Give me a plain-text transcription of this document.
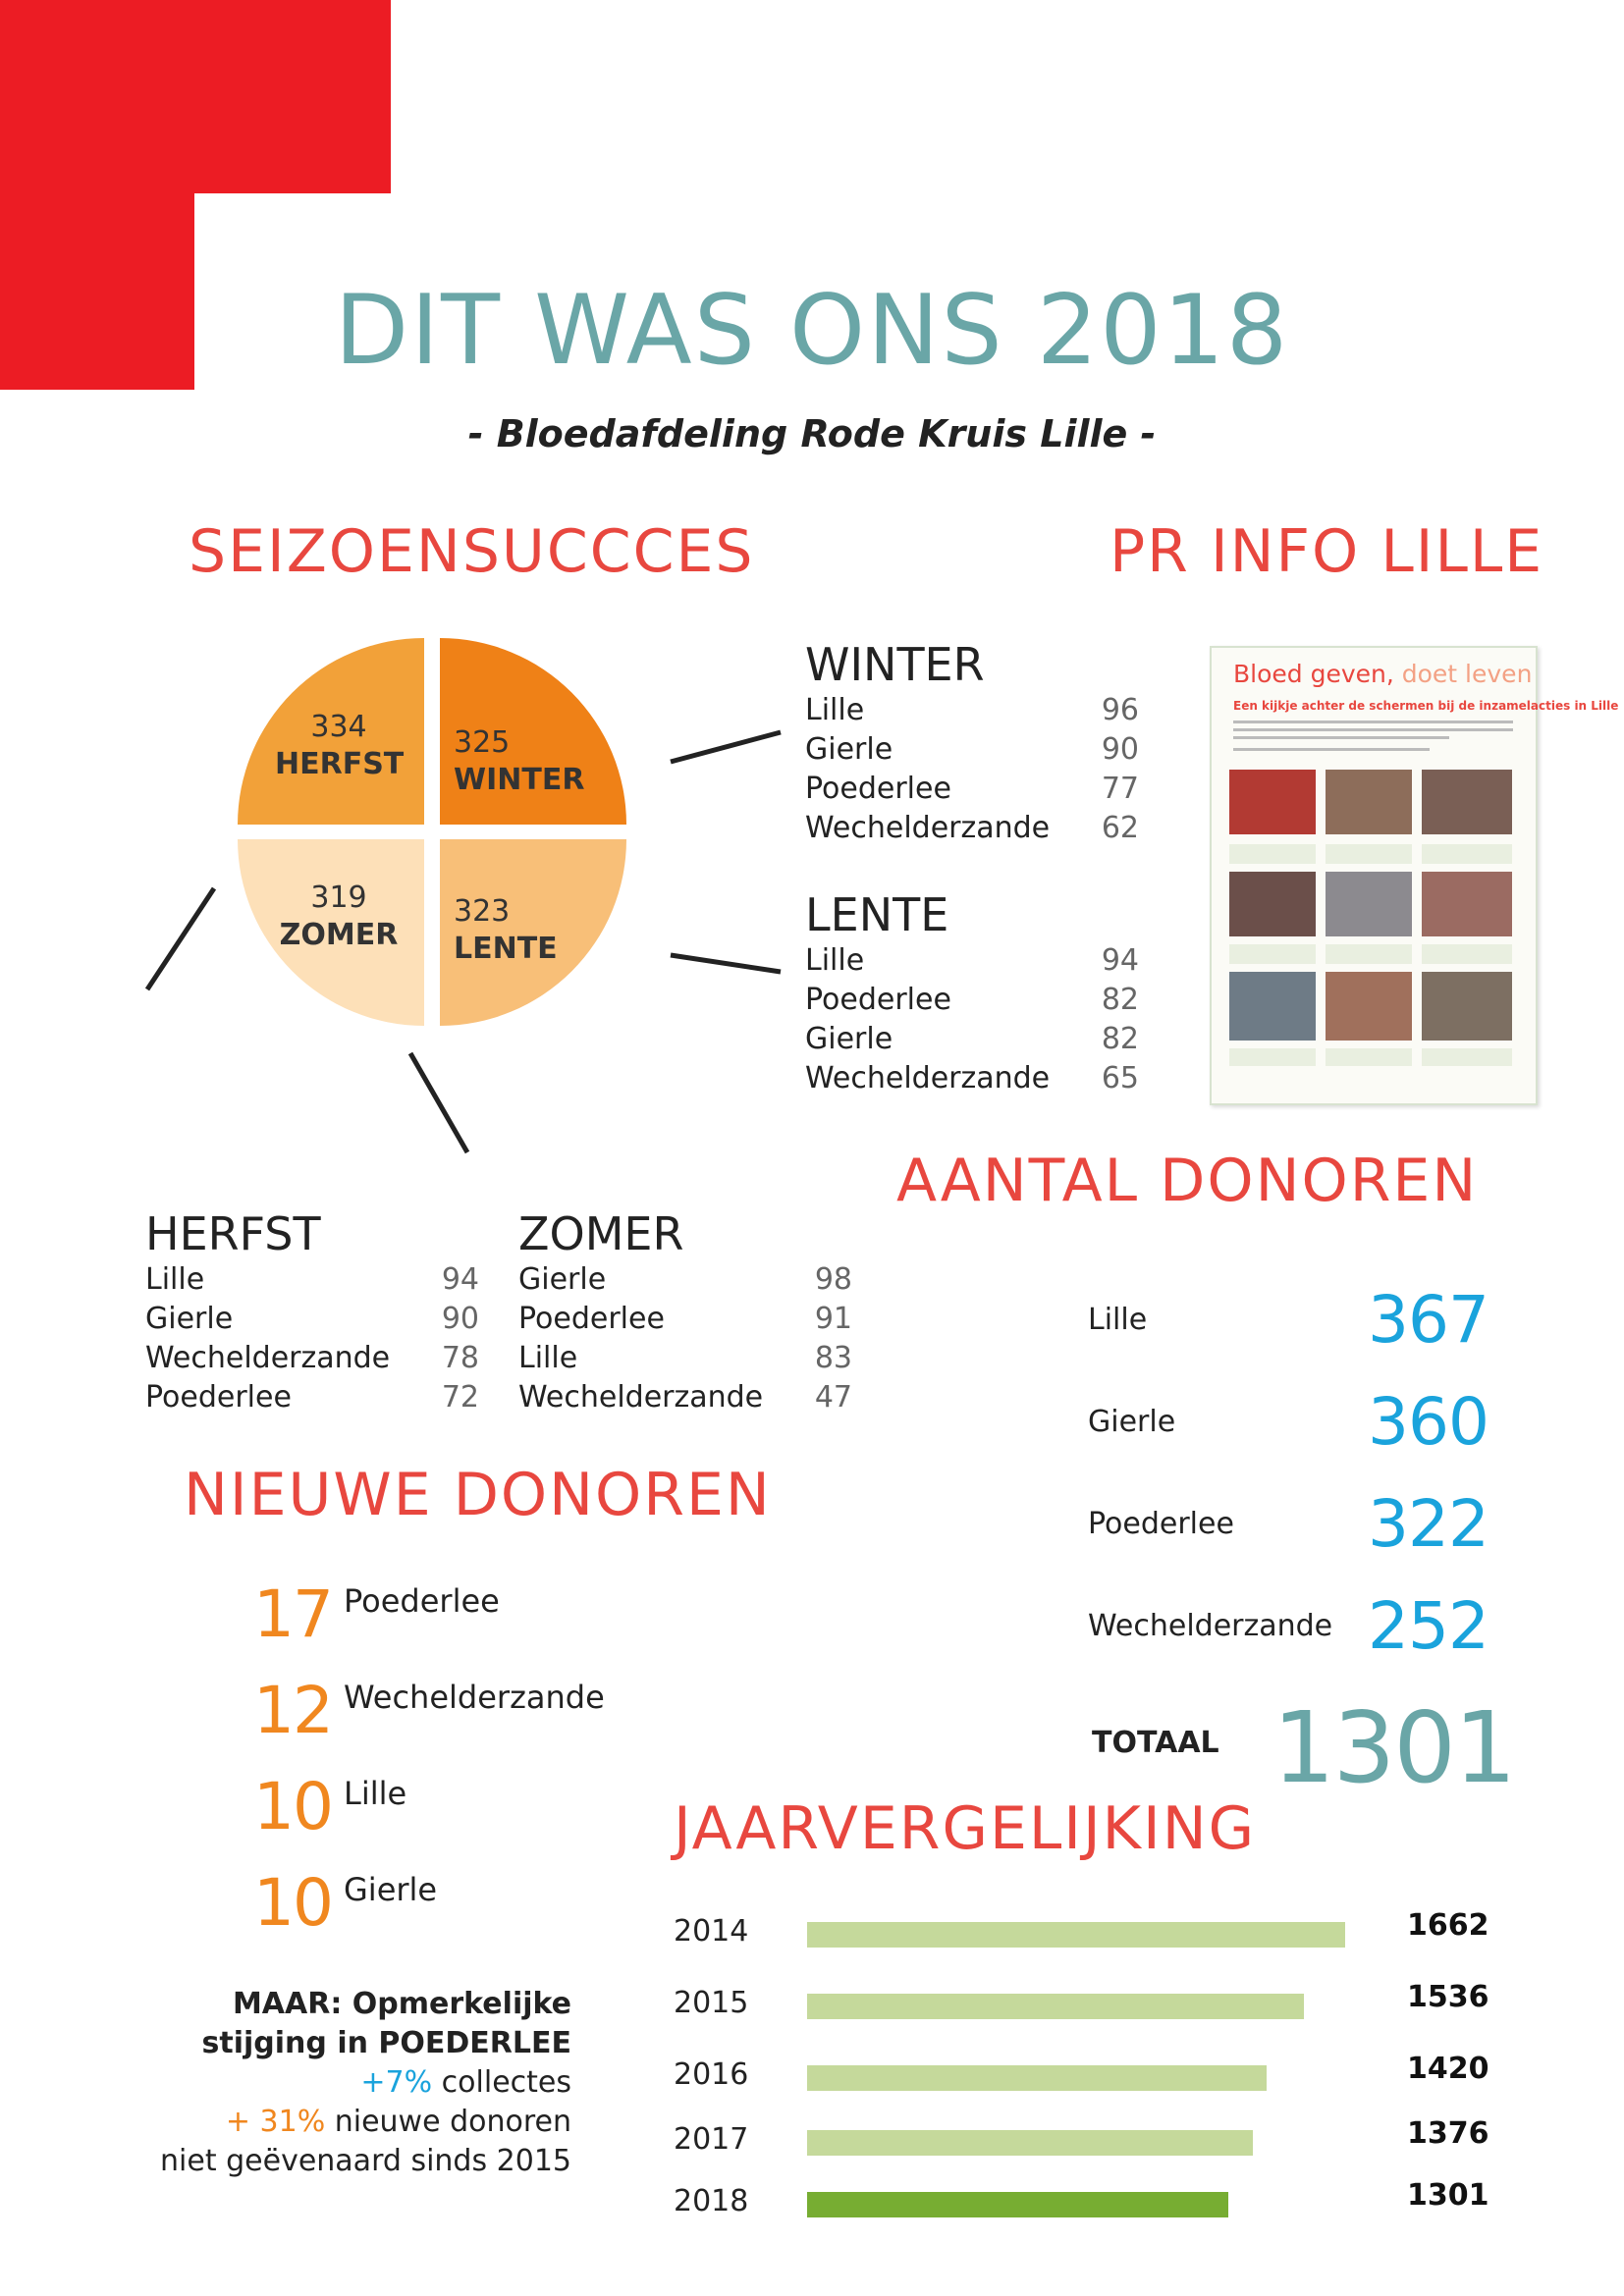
DIT WAS ONS 2018
- Bloedafdeling Rode Kruis Lille -
SEIZOENSUCCCES
334
HERFST
325
WINTER
319
ZOMER
323
LENTE
WINTER
Lille	96
Gierle	90
Poederlee	77
Wechelderzande 62
LENTE
Lille	94
Poederlee	82
Gierle	82
Wechelderzande 65
HERFST
Lille	94
Gierle	90
Wechelderzande 78
Poederlee	72
ZOMER
Gierle	98
Poederlee	91
Lille	83
Wechelderzande 47
PR INFO LILLE
Bloed geven, doet leven
Een kijkje achter de schermen bij de inzamelacties in Lille
AANTAL DONOREN
Lille	367
Gierle	360
Poederlee 322
Wechelderzande 252
TOTAAL 1301
NIEUWE DONOREN
17 Poederlee
12 Wechelderzande
10 Lille
10 Gierle
MAAR: Opmerkelijke
stijging in POEDERLEE
+7% collectes
+ 31% nieuwe donoren
niet geëvenaard sinds 2015
JAARVERGELIJKING
2014	1662
2015	1536
2016	1420
2017	1376
2018	1301
